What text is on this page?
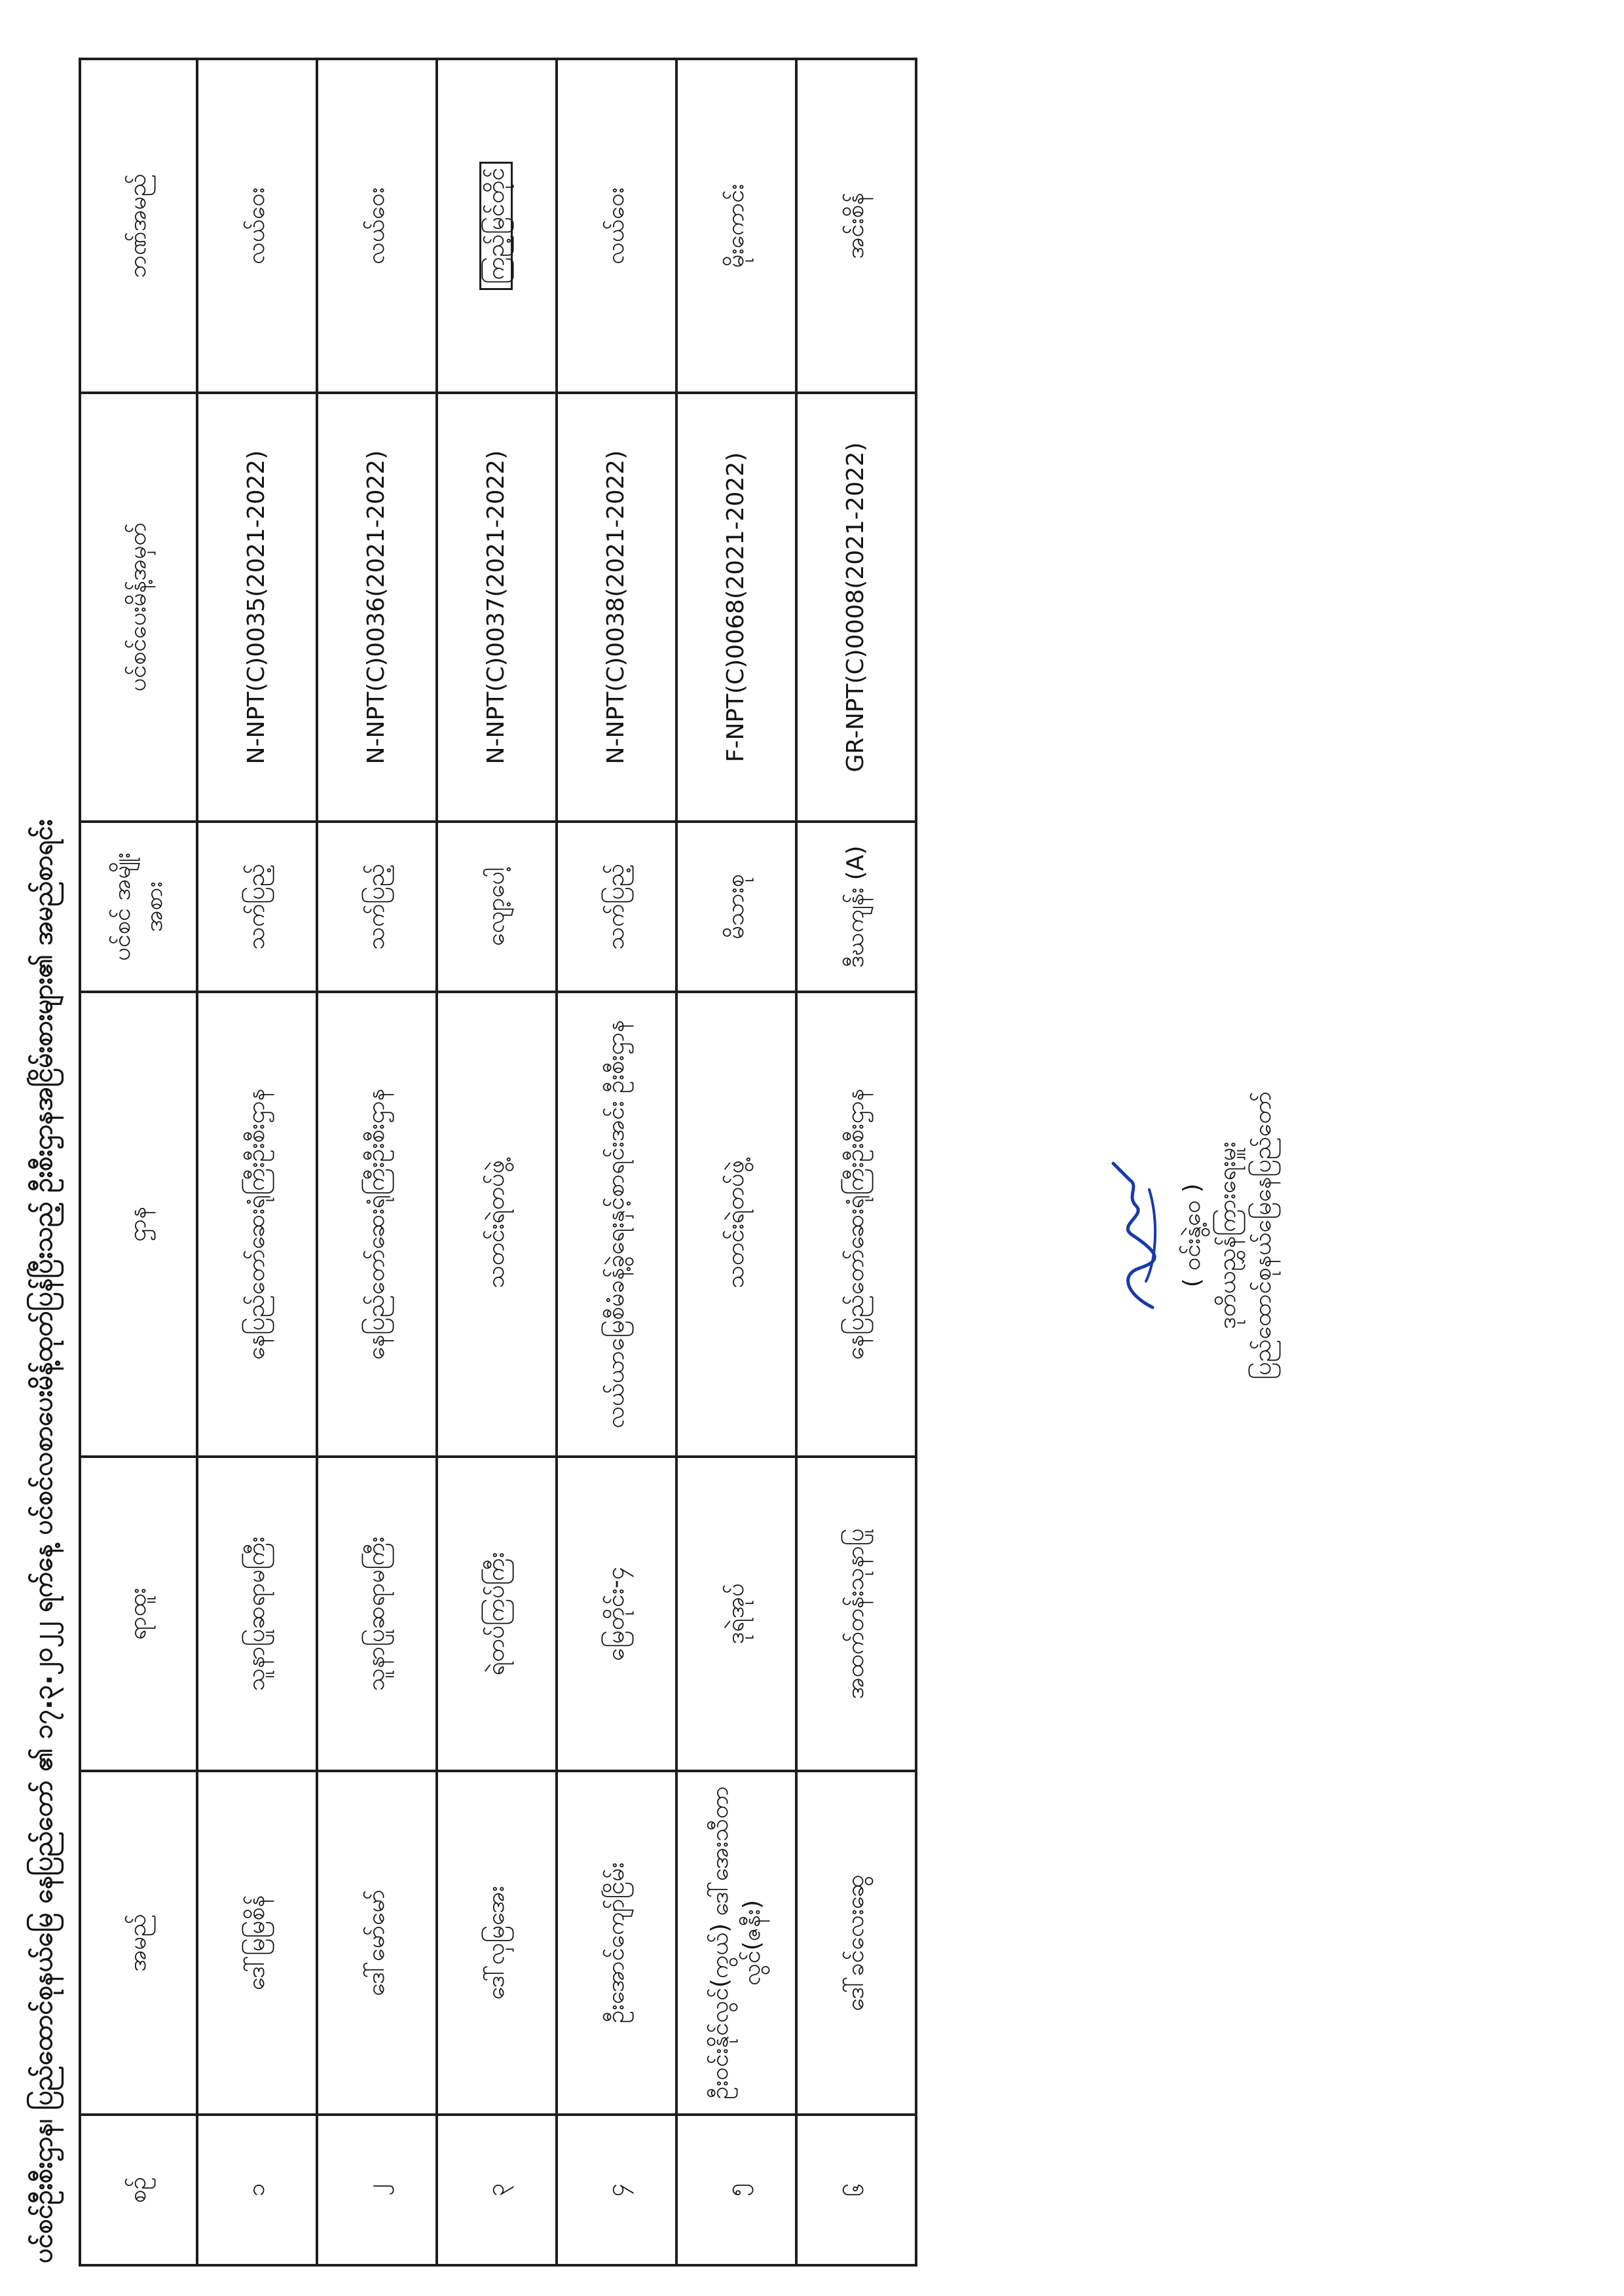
ပင်စင်ဦးစီးဌာန၊ ပြည်ထောင်စုနယ်မြေ နေပြည်တော် ၏ ၁၇.၃.၂၀၂၂ ရက်နေ့ ပင်စင်လစာပေးမိန့်ထုတ်ပြန်ပြီးသည့် ဦးစီးဌာနအငြိမ်းစားများ၏ အမည်စာရင်း	စဉ်	အမည်	ရာထူး	ဌာန	ပင်စင် အမျိုးအစား	ပင်စင်ပေးမိန့်အမှတ်	ဘဏ်အမည်
၁	ဒေါ်မြမြစိန်	သူနာပြုဆရာမကြီး	နေပြည်တော်ဆေးရုံကြီးဦးစီးဌာန	သက်ပြည့်	N-NPT(C)0035(2021-2022)	လယ်ဝေး
၂	ဒေါ်မော်မော်	သူနာပြုဆရာမကြီး	နေပြည်တော်ဆေးရုံကြီးဦးစီးဌာန	သက်ပြည့်	N-NPT(C)0036(2021-2022)	လယ်ဝေး
၃	ဒေါ်လှမြအေး	ရဲတပ်ကြပ်ကြီး	သတင်းရဲတပ်ဖွဲ့	လျော့ပေါ့	N-NPT(C)0037(2021-2022)	ကြည့်မြင်တိုင်
၄	ဦးအောင်ကျော်ငြိမ်း	မြေတိုင်း-၄	လယ်ယာမြေစီမံခန့်ခွဲရေးနှင့်စာရင်းအင်း ဦးစီးဌာန	သက်ပြည့်	N-NPT(C)0038(2021-2022)	လယ်ဝေး
၅	ဦးဝင်းနိုင်လွင်(ကွယ်) ဒေါ်အေးသီတာလွင်(ဇနီး)	ဒုရဲအုပ်	သတင်းရဲတပ်ဖွဲ့	မိသားစု	F-NPT(C)0068(2021-2022)	မိုးကောင်း
၆	ဒေါ်ခင်လေးဆွေ	အထက်တန်းသုနာပြု	နေပြည်တော်ဆေးရုံကြီးဦးစီးဌာန	ဒီဃကျန်း (A)	GR-NPT(C)0008(2021-2022)	အင်းစိန်
( ဝင်းနွဲ့ဝေ ) ဒုတိယညွှန်ကြားရေးမှူး ပြည်ထောင်စုနယ်မြေနေပြည်တော်
